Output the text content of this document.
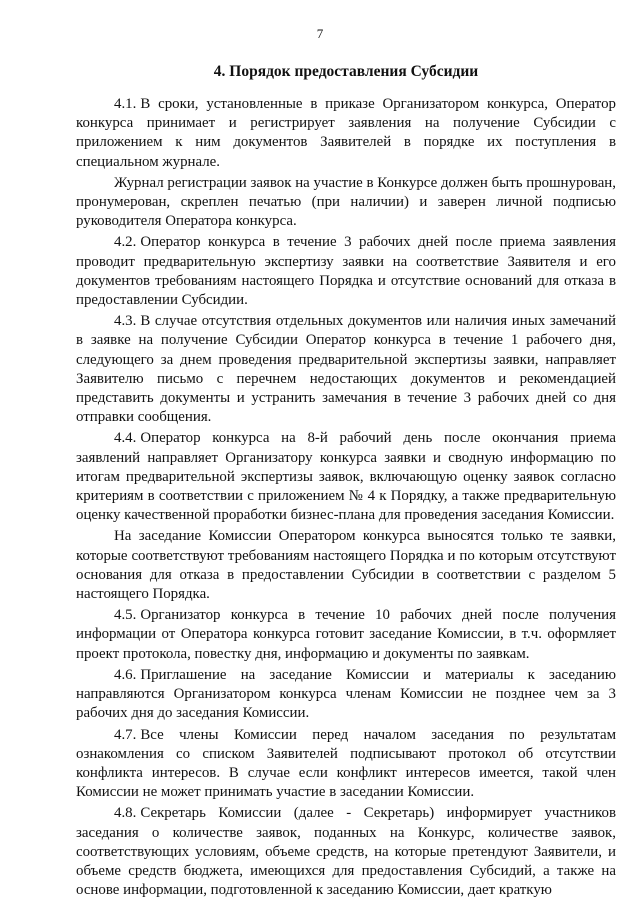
7
4. Порядок предоставления Субсидии

4.1. В сроки, установленные в приказе Организатором конкурса, Оператор конкурса принимает и регистрирует заявления на получение Субсидии с приложением к ним документов Заявителей в порядке их поступления в специальном журнале.

Журнал регистрации заявок на участие в Конкурсе должен быть прошнурован, пронумерован, скреплен печатью (при наличии) и заверен личной подписью руководителя Оператора конкурса.

4.2. Оператор конкурса в течение 3 рабочих дней после приема заявления проводит предварительную экспертизу заявки на соответствие Заявителя и его документов требованиям настоящего Порядка и отсутствие оснований для отказа в предоставлении Субсидии.

4.3. В случае отсутствия отдельных документов или наличия иных замечаний в заявке на получение Субсидии Оператор конкурса в течение 1 рабочего дня, следующего за днем проведения предварительной экспертизы заявки, направляет Заявителю письмо с перечнем недостающих документов и рекомендацией представить документы и устранить замечания в течение 3 рабочих дней со дня отправки сообщения.

4.4. Оператор конкурса на 8-й рабочий день после окончания приема заявлений направляет Организатору конкурса заявки и сводную информацию по итогам предварительной экспертизы заявок, включающую оценку заявок согласно критериям в соответствии с приложением № 4 к Порядку, а также предварительную оценку качественной проработки бизнес-плана для проведения заседания Комиссии.

На заседание Комиссии Оператором конкурса выносятся только те заявки, которые соответствуют требованиям настоящего Порядка и по которым отсутствуют основания для отказа в предоставлении Субсидии в соответствии с разделом 5 настоящего Порядка.

4.5. Организатор конкурса в течение 10 рабочих дней после получения информации от Оператора конкурса готовит заседание Комиссии, в т.ч. оформляет проект протокола, повестку дня, информацию и документы по заявкам.

4.6. Приглашение на заседание Комиссии и материалы к заседанию направляются Организатором конкурса членам Комиссии не позднее чем за 3 рабочих дня до заседания Комиссии.

4.7. Все члены Комиссии перед началом заседания по результатам ознакомления со списком Заявителей подписывают протокол об отсутствии конфликта интересов. В случае если конфликт интересов имеется, такой член Комиссии не может принимать участие в заседании Комиссии.

4.8. Секретарь Комиссии (далее - Секретарь) информирует участников заседания о количестве заявок, поданных на Конкурс, количестве заявок, соответствующих условиям, объеме средств, на которые претендуют Заявители, и объеме средств бюджета, имеющихся для предоставления Субсидий, а также на основе информации, подготовленной к заседанию Комиссии, дает краткую
